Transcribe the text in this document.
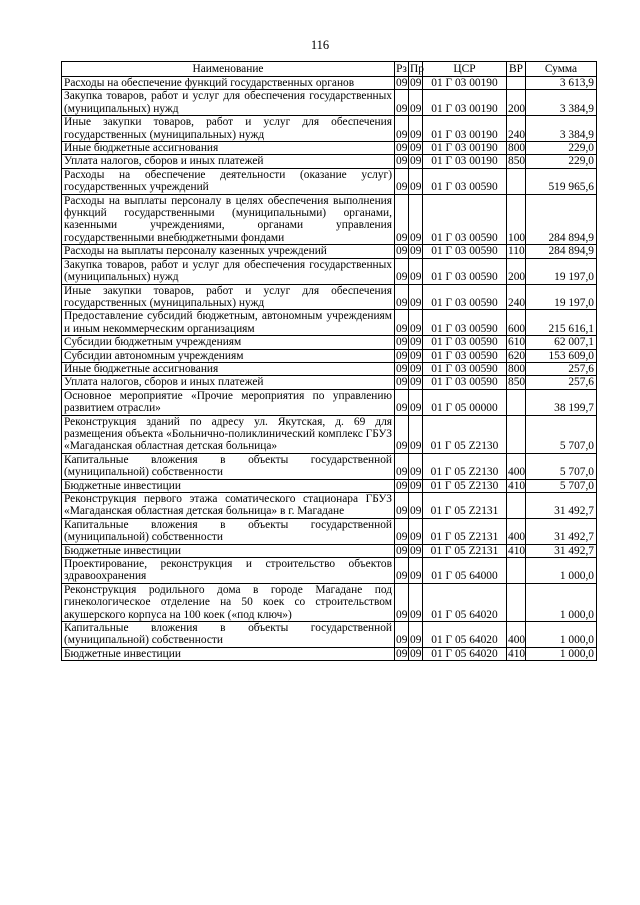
116
Наименование	Рз	Пр	ЦСР	ВР	Сумма
Расходы на обеспечение функций государственных органов	09	09	01 Г 03 00190		3 613,9
Закупка товаров, работ и услуг для обеспечения государственных (муниципальных) нужд	09	09	01 Г 03 00190	200	3 384,9
Иные закупки товаров, работ и услуг для обеспечения государственных (муниципальных) нужд	09	09	01 Г 03 00190	240	3 384,9
Иные бюджетные ассигнования	09	09	01 Г 03 00190	800	229,0
Уплата налогов, сборов и иных платежей	09	09	01 Г 03 00190	850	229,0
Расходы на обеспечение деятельности (оказание услуг) государственных учреждений	09	09	01 Г 03 00590		519 965,6
Расходы на выплаты персоналу в целях обеспечения выполнения функций государственными (муниципальными) органами, казенными учреждениями, органами управления государственными внебюджетными фондами	09	09	01 Г 03 00590	100	284 894,9
Расходы на выплаты персоналу казенных учреждений	09	09	01 Г 03 00590	110	284 894,9
Закупка товаров, работ и услуг для обеспечения государственных (муниципальных) нужд	09	09	01 Г 03 00590	200	19 197,0
Иные закупки товаров, работ и услуг для обеспечения государственных (муниципальных) нужд	09	09	01 Г 03 00590	240	19 197,0
Предоставление субсидий бюджетным, автономным учреждениям и иным некоммерческим организациям	09	09	01 Г 03 00590	600	215 616,1
Субсидии бюджетным учреждениям	09	09	01 Г 03 00590	610	62 007,1
Субсидии автономным учреждениям	09	09	01 Г 03 00590	620	153 609,0
Иные бюджетные ассигнования	09	09	01 Г 03 00590	800	257,6
Уплата налогов, сборов и иных платежей	09	09	01 Г 03 00590	850	257,6
Основное мероприятие «Прочие мероприятия по управлению развитием отрасли»	09	09	01 Г 05 00000		38 199,7
Реконструкция зданий по адресу ул. Якутская, д. 69 для размещения объекта «Больнично-поликлинический комплекс ГБУЗ «Магаданская областная детская больница»	09	09	01 Г 05 Z2130		5 707,0
Капитальные вложения в объекты государственной (муниципальной) собственности	09	09	01 Г 05 Z2130	400	5 707,0
Бюджетные инвестиции	09	09	01 Г 05 Z2130	410	5 707,0
Реконструкция первого этажа соматического стационара ГБУЗ «Магаданская областная детская больница» в г. Магадане	09	09	01 Г 05 Z2131		31 492,7
Капитальные вложения в объекты государственной (муниципальной) собственности	09	09	01 Г 05 Z2131	400	31 492,7
Бюджетные инвестиции	09	09	01 Г 05 Z2131	410	31 492,7
Проектирование, реконструкция и строительство объектов здравоохранения	09	09	01 Г 05 64000		1 000,0
Реконструкция родильного дома в городе Магадане под гинекологическое отделение на 50 коек со строительством акушерского корпуса на 100 коек («под ключ»)	09	09	01 Г 05 64020		1 000,0
Капитальные вложения в объекты государственной (муниципальной) собственности	09	09	01 Г 05 64020	400	1 000,0
Бюджетные инвестиции	09	09	01 Г 05 64020	410	1 000,0
